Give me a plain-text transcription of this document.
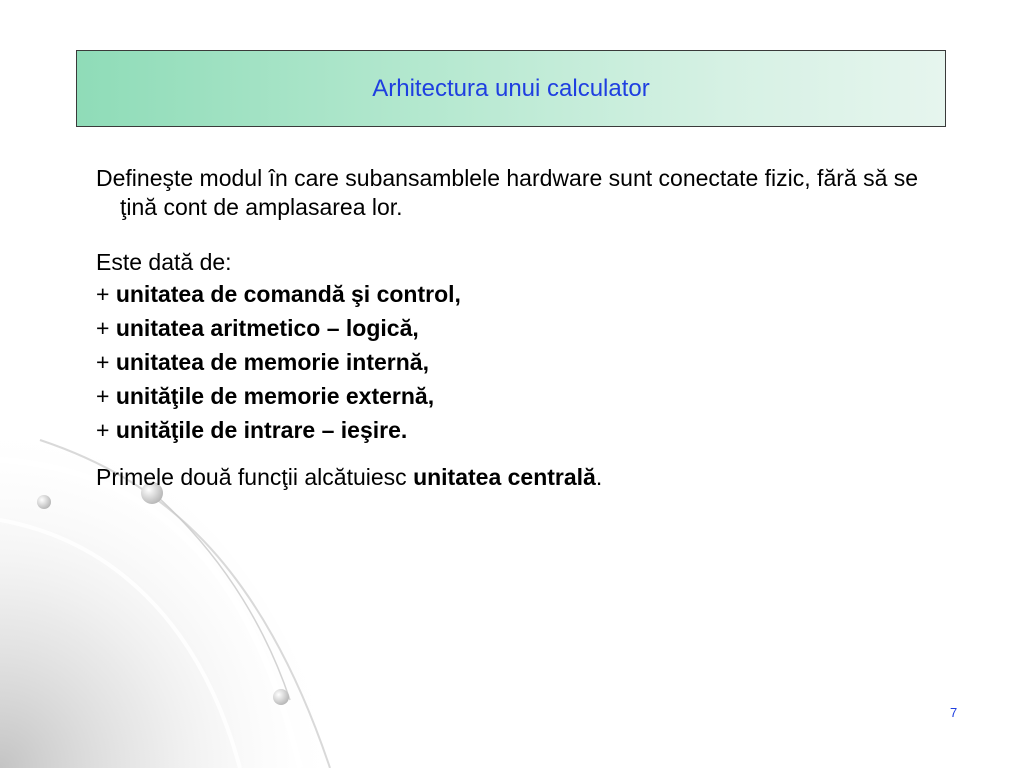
Arhitectura unui calculator

Defineşte modul în care subansamblele hardware sunt conectate fizic, fără să se ţină cont de amplasarea lor.

Este dată de:

+ unitatea de comandă şi control,

+ unitatea aritmetico – logică,

+ unitatea de memorie internă,

+ unităţile de memorie externă,

+ unităţile de intrare – ieşire.

Primele două funcţii alcătuiesc unitatea centrală.

7
